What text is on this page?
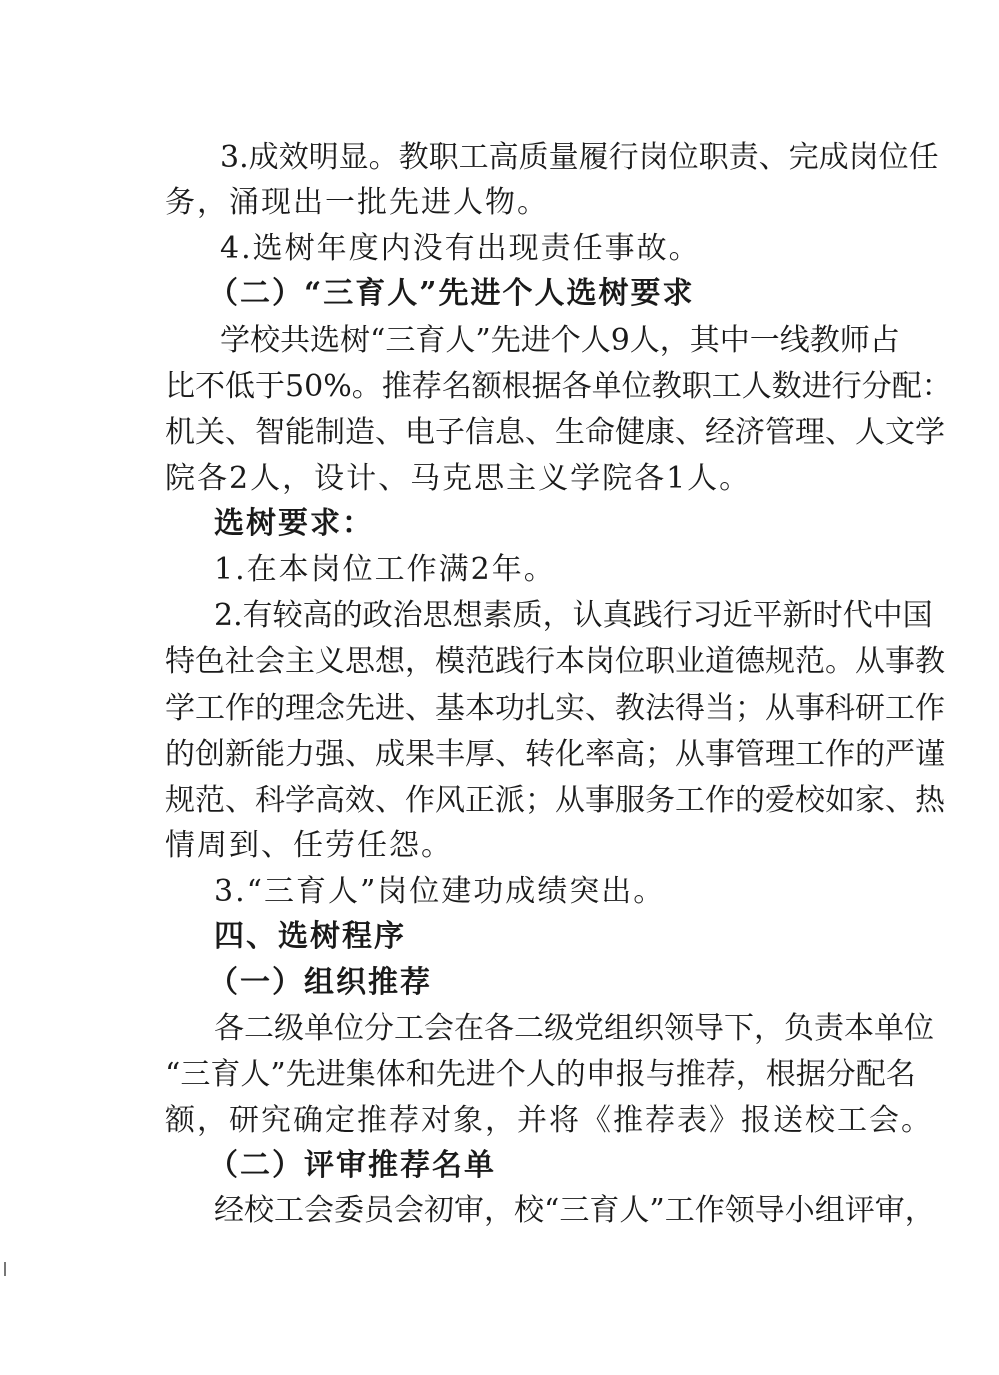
3 . 成 效 明 显 。 教 职 工 高 质 量 履 行 岗 位 职 责 、 完 成 岗 位 任
务，涌现出一批先进人物。
4.选树年度内没有出现责任事故。
（二）“三育人”先进个人选树要求
学 校 共 选 树 “ 三 育 人 ” 先 进 个 人 9 人 ， 其 中 一 线 教 师 占
比 不 低 于 5 0 % 。 推 荐 名 额 根 据 各 单 位 教 职 工 人 数 进 行 分 配 ：
机 关 、 智 能 制 造 、 电 子 信 息 、 生 命 健 康 、 经 济 管 理 、 人 文 学
院各2人，设计、马克思主义学院各1人。
选树要求：
1.在本岗位工作满2年。
2 . 有 较 高 的 政 治 思 想 素 质 ， 认 真 践 行 习 近 平 新 时 代 中 国
特 色 社 会 主 义 思 想 ， 模 范 践 行 本 岗 位 职 业 道 德 规 范 。 从 事 教
学 工 作 的 理 念 先 进 、 基 本 功 扎 实 、 教 法 得 当 ； 从 事 科 研 工 作
的 创 新 能 力 强 、 成 果 丰 厚 、 转 化 率 高 ； 从 事 管 理 工 作 的 严 谨
规 范 、 科 学 高 效 、 作 风 正 派 ； 从 事 服 务 工 作 的 爱 校 如 家 、 热
情周到、任劳任怨。
3.“三育人”岗位建功成绩突出。
四、选树程序
（一）组织推荐
各 二 级 单 位 分 工 会 在 各 二 级 党 组 织 领 导 下 ， 负 责 本 单 位
“ 三 育 人 ” 先 进 集 体 和 先 进 个 人 的 申 报 与 推 荐 ， 根 据 分 配 名
额，研究确定推荐对象，并将《推荐表》报送校工会。
（二）评审推荐名单
经 校 工 会 委 员 会 初 审 ， 校 “ 三 育 人 ” 工 作 领 导 小 组 评 审 ，
